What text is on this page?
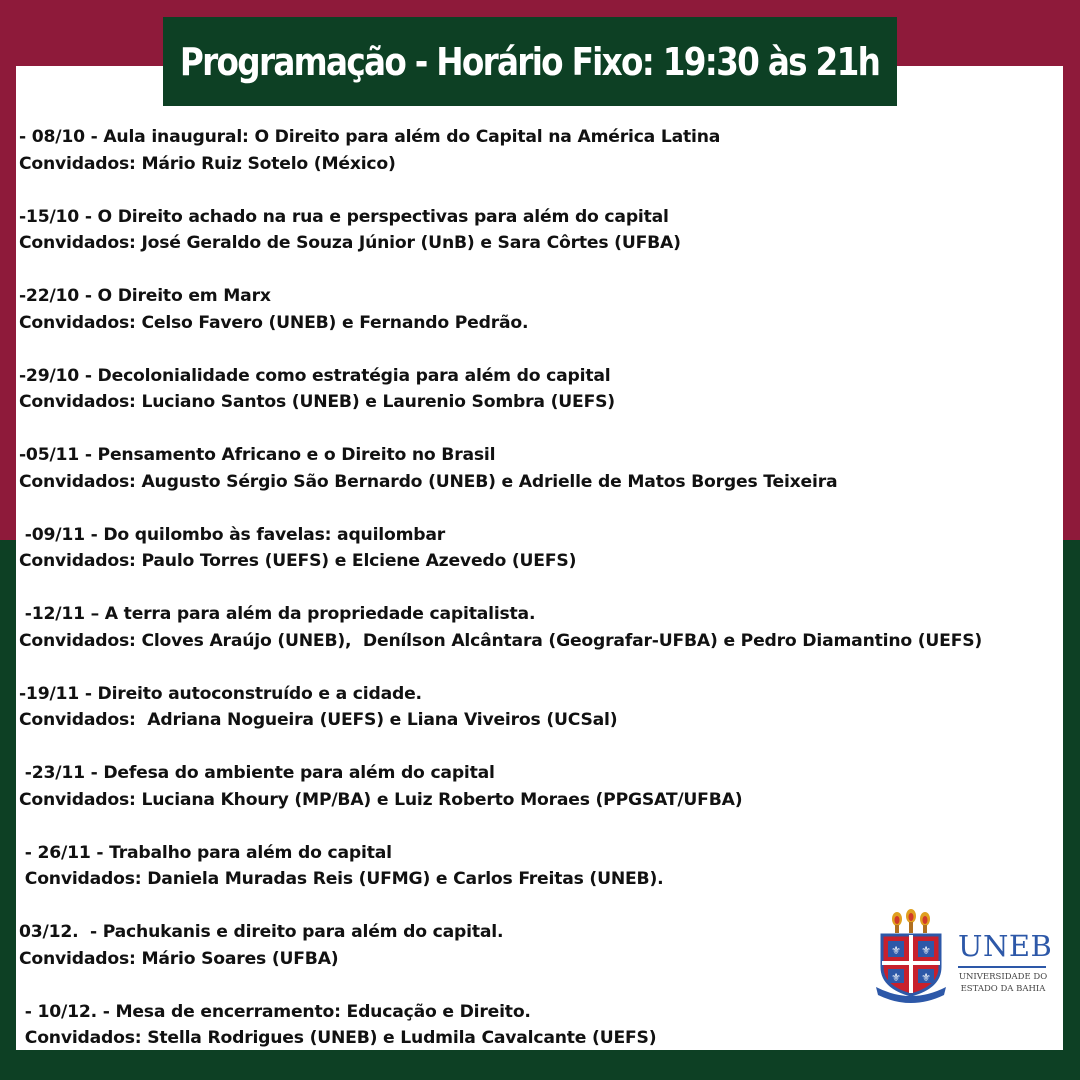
Programação - Horário Fixo: 19:30 às 21h
- 08/10 - Aula inaugural: O Direito para além do Capital na América Latina
Convidados: Mário Ruiz Sotelo (México)
-15/10 - O Direito achado na rua e perspectivas para além do capital
Convidados: José Geraldo de Souza Júnior (UnB) e Sara Côrtes (UFBA)
-22/10 - O Direito em Marx
Convidados: Celso Favero (UNEB) e Fernando Pedrão.
-29/10 - Decolonialidade como estratégia para além do capital
Convidados: Luciano Santos (UNEB) e Laurenio Sombra (UEFS)
-05/11 - Pensamento Africano e o Direito no Brasil
Convidados: Augusto Sérgio São Bernardo (UNEB) e Adrielle de Matos Borges Teixeira
-09/11 - Do quilombo às favelas: aquilombar
Convidados: Paulo Torres (UEFS) e Elciene Azevedo (UEFS)
-12/11 – A terra para além da propriedade capitalista.
Convidados: Cloves Araújo (UNEB),  Denílson Alcântara (Geografar-UFBA) e Pedro Diamantino (UEFS)
-19/11 - Direito autoconstruído e a cidade.
Convidados:  Adriana Nogueira (UEFS) e Liana Viveiros (UCSal)
-23/11 - Defesa do ambiente para além do capital
Convidados: Luciana Khoury (MP/BA) e Luiz Roberto Moraes (PPGSAT/UFBA)
- 26/11 - Trabalho para além do capital
Convidados: Daniela Muradas Reis (UFMG) e Carlos Freitas (UNEB).
03/12.  - Pachukanis e direito para além do capital.
Convidados: Mário Soares (UFBA)
- 10/12. - Mesa de encerramento: Educação e Direito.
Convidados: Stella Rodrigues (UNEB) e Ludmila Cavalcante (UEFS)
⚜ ⚜
⚜ ⚜
UNEB
UNIVERSIDADE DO
ESTADO DA BAHIA
